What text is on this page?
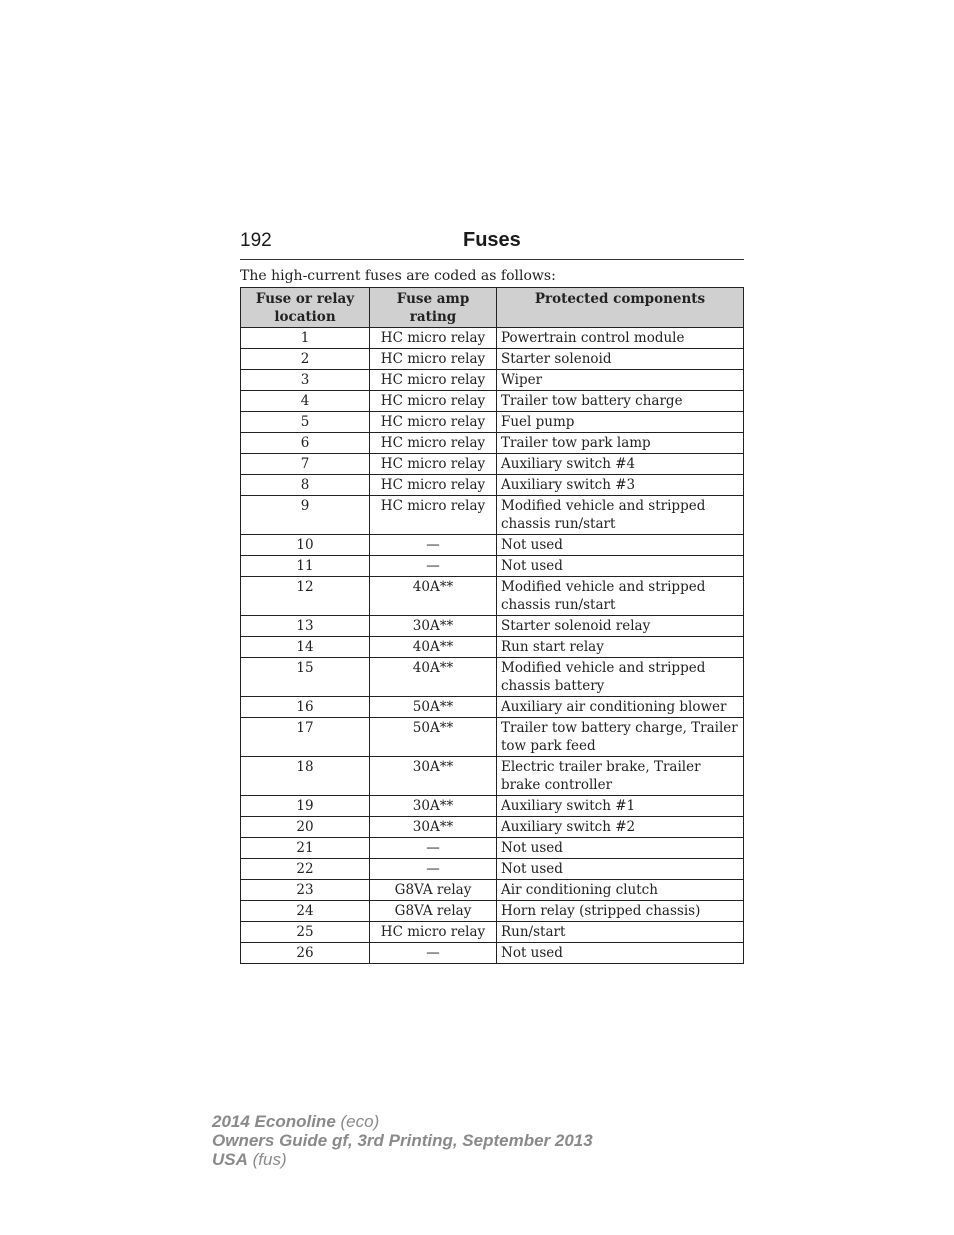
192	Fuses
The high-current fuses are coded as follows:
Fuse or relay location	Fuse amp rating	Protected components
1	HC micro relay	Powertrain control module
2	HC micro relay	Starter solenoid
3	HC micro relay	Wiper
4	HC micro relay	Trailer tow battery charge
5	HC micro relay	Fuel pump
6	HC micro relay	Trailer tow park lamp
7	HC micro relay	Auxiliary switch #4
8	HC micro relay	Auxiliary switch #3
9	HC micro relay	Modified vehicle and stripped chassis run/start
10	—	Not used
11	—	Not used
12	40A**	Modified vehicle and stripped chassis run/start
13	30A**	Starter solenoid relay
14	40A**	Run start relay
15	40A**	Modified vehicle and stripped chassis battery
16	50A**	Auxiliary air conditioning blower
17	50A**	Trailer tow battery charge, Trailer tow park feed
18	30A**	Electric trailer brake, Trailer brake controller
19	30A**	Auxiliary switch #1
20	30A**	Auxiliary switch #2
21	—	Not used
22	—	Not used
23	G8VA relay	Air conditioning clutch
24	G8VA relay	Horn relay (stripped chassis)
25	HC micro relay	Run/start
26	—	Not used
2014 Econoline (eco)
Owners Guide gf, 3rd Printing, September 2013
USA (fus)
